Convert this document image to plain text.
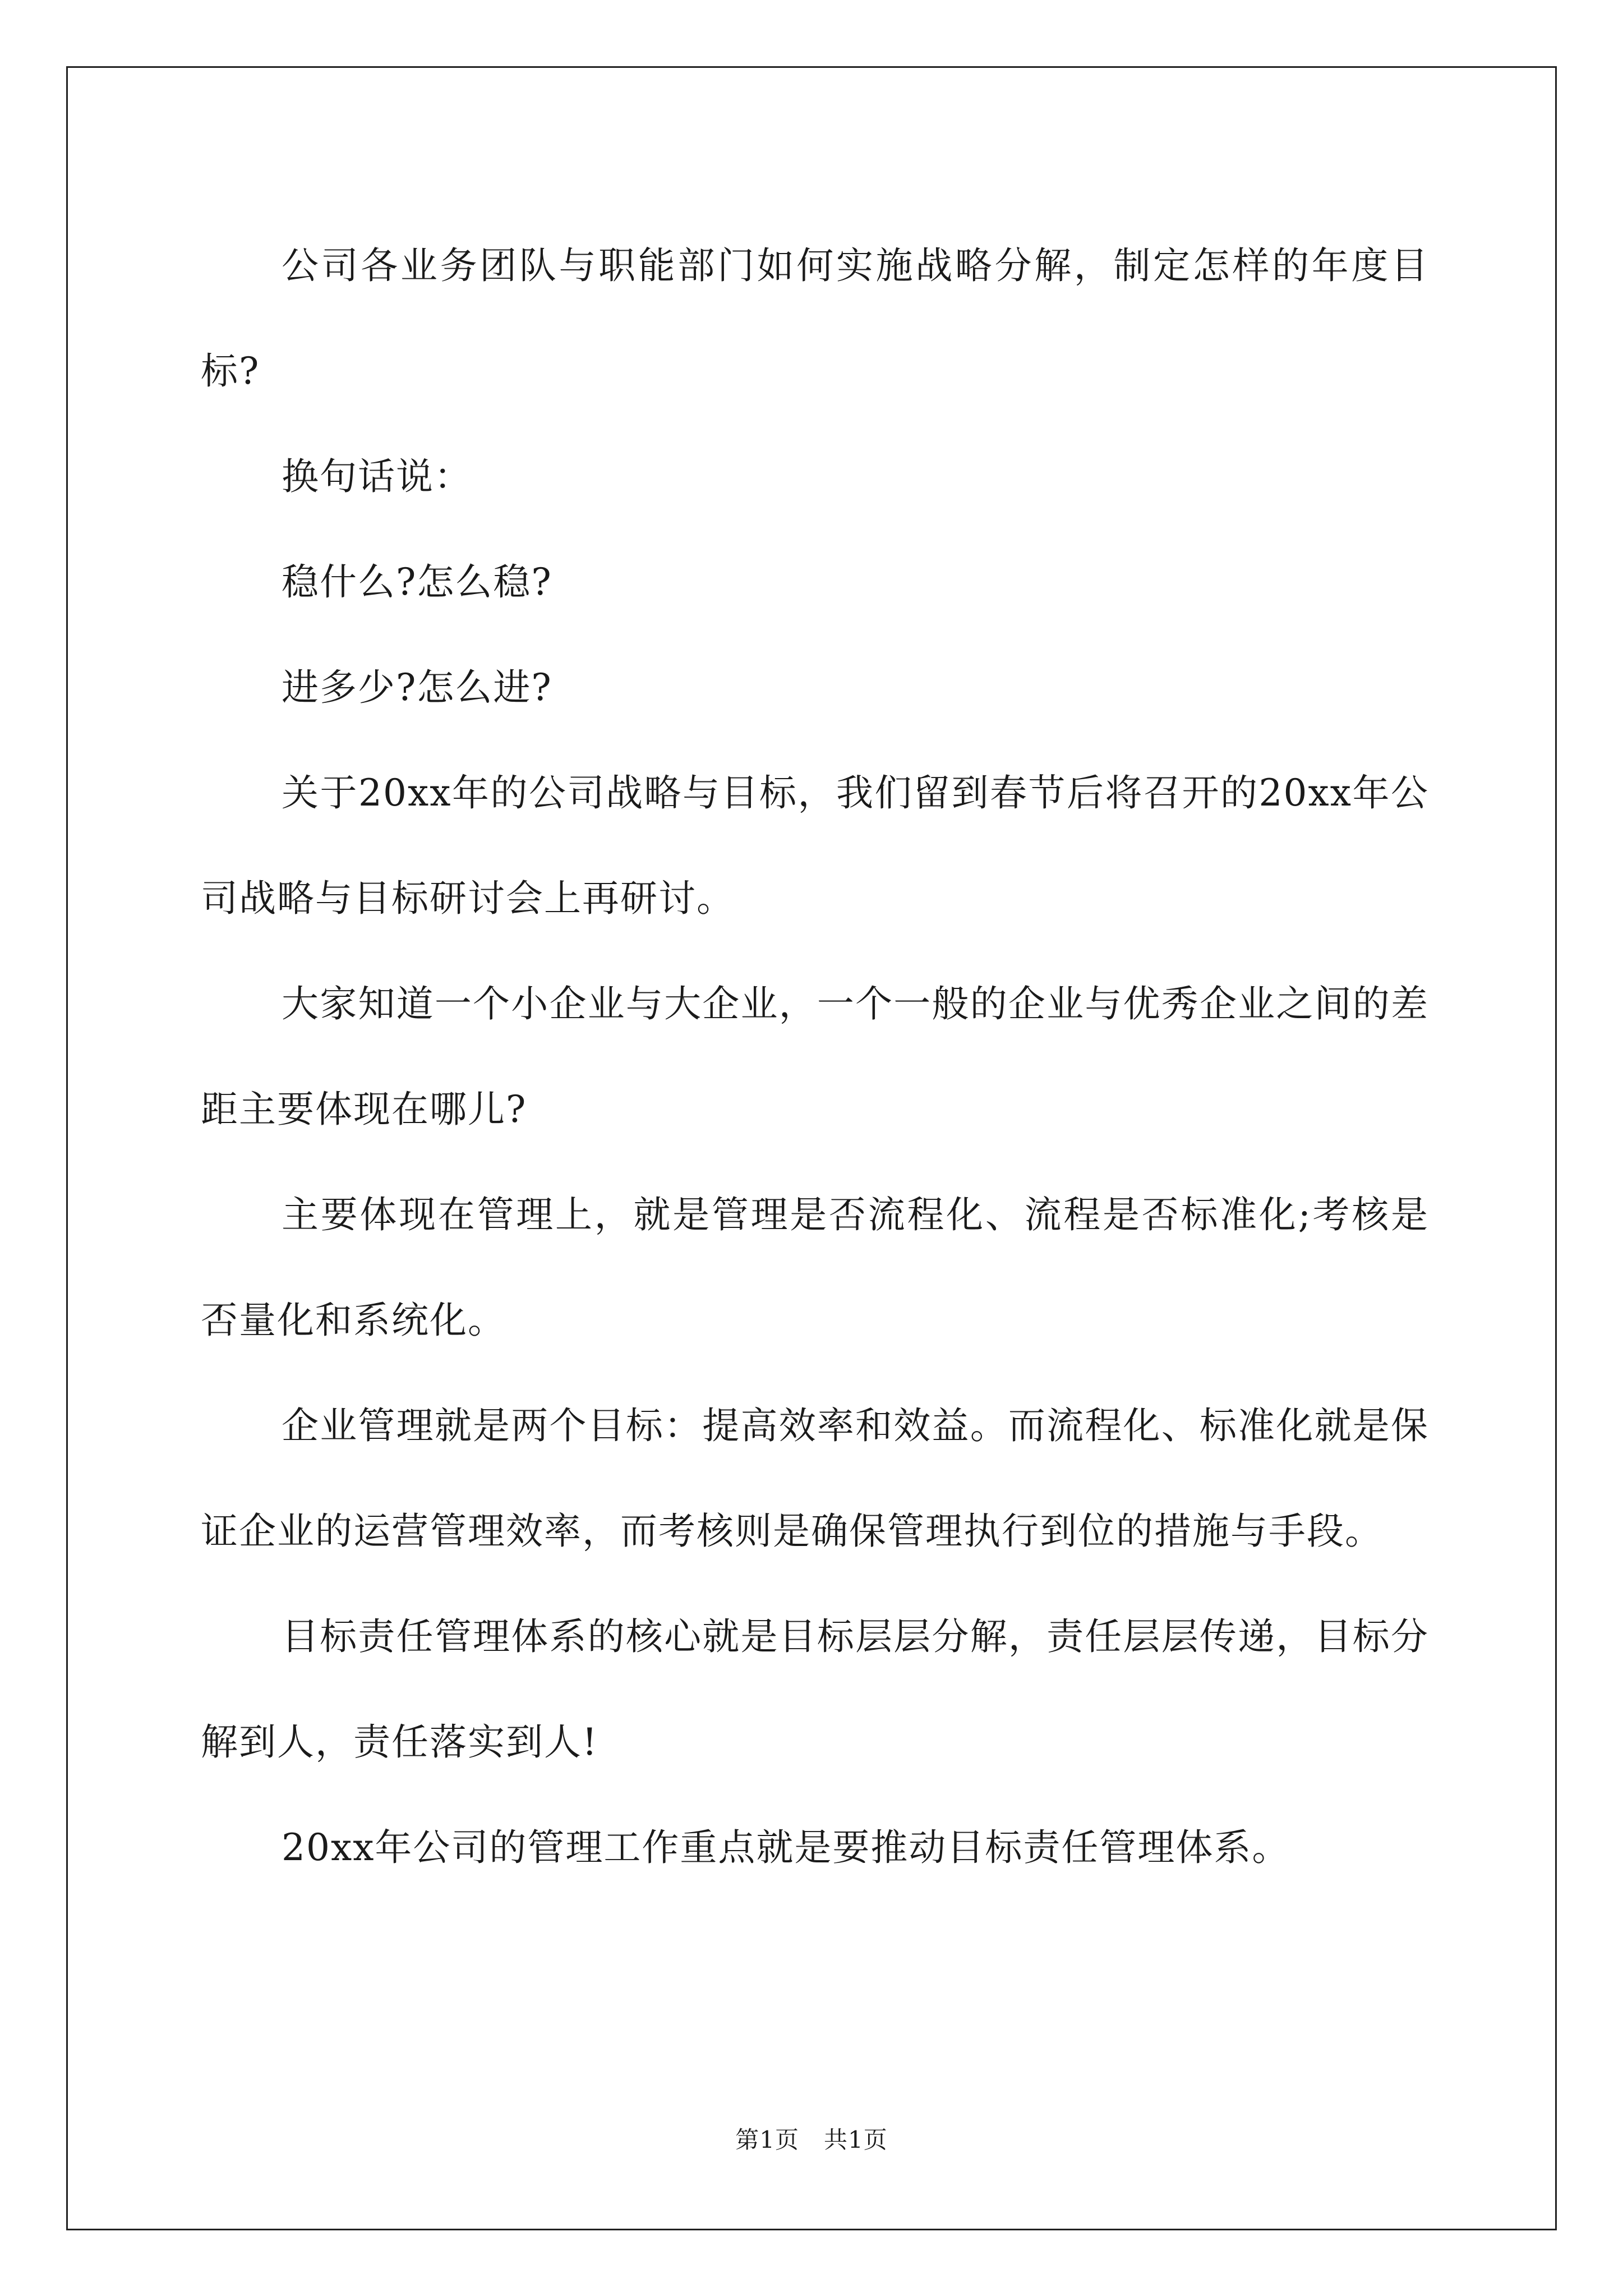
公司各业务团队与职能部门如何实施战略分解，制定怎样的年度目标?

换句话说：

稳什么?怎么稳?

进多少?怎么进?

关于20xx年的公司战略与目标，我们留到春节后将召开的20xx年公司战略与目标研讨会上再研讨。

大家知道一个小企业与大企业，一个一般的企业与优秀企业之间的差距主要体现在哪儿?

主要体现在管理上，就是管理是否流程化、流程是否标准化;考核是否量化和系统化。

企业管理就是两个目标：提高效率和效益。而流程化、标准化就是保证企业的运营管理效率，而考核则是确保管理执行到位的措施与手段。

目标责任管理体系的核心就是目标层层分解，责任层层传递，目标分解到人，责任落实到人!

20xx年公司的管理工作重点就是要推动目标责任管理体系。

第1页 共1页
